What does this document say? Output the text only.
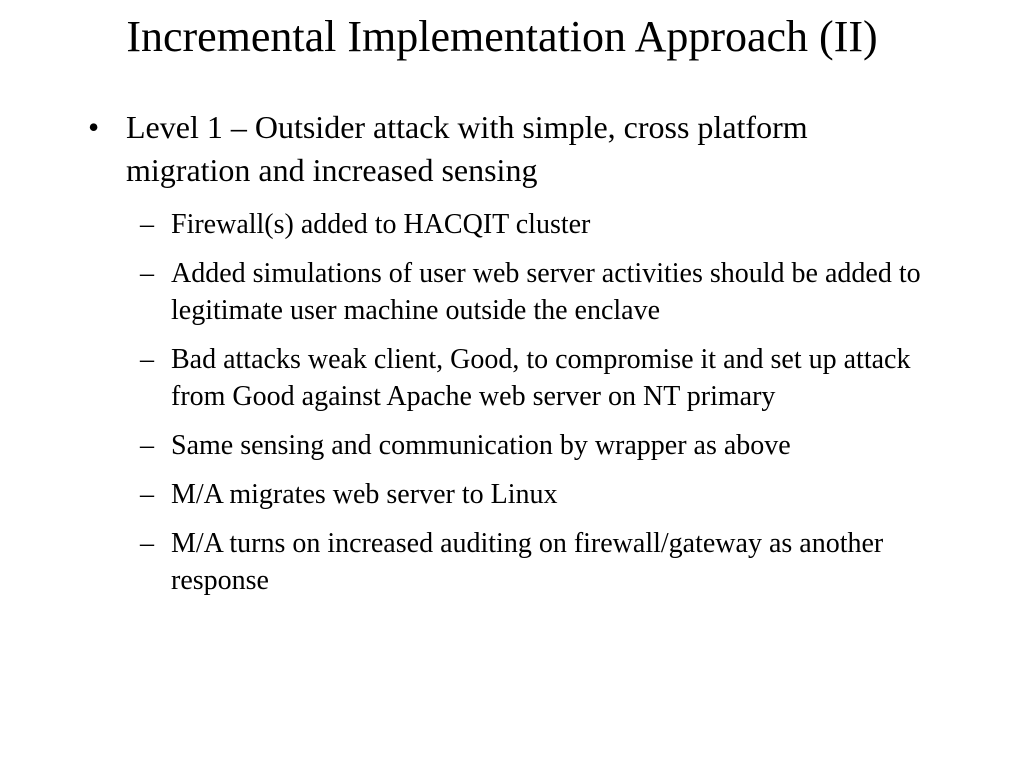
Incremental Implementation Approach (II)
• Level 1 – Outsider attack with simple, cross platform migration and increased sensing
– Firewall(s) added to HACQIT cluster
– Added simulations of user web server activities should be added to legitimate user machine outside the enclave
– Bad attacks weak client, Good, to compromise it and set up attack from Good against Apache web server on NT primary
– Same sensing and communication by wrapper as above
– M/A migrates web server to Linux
– M/A turns on increased auditing on firewall/gateway as another response
